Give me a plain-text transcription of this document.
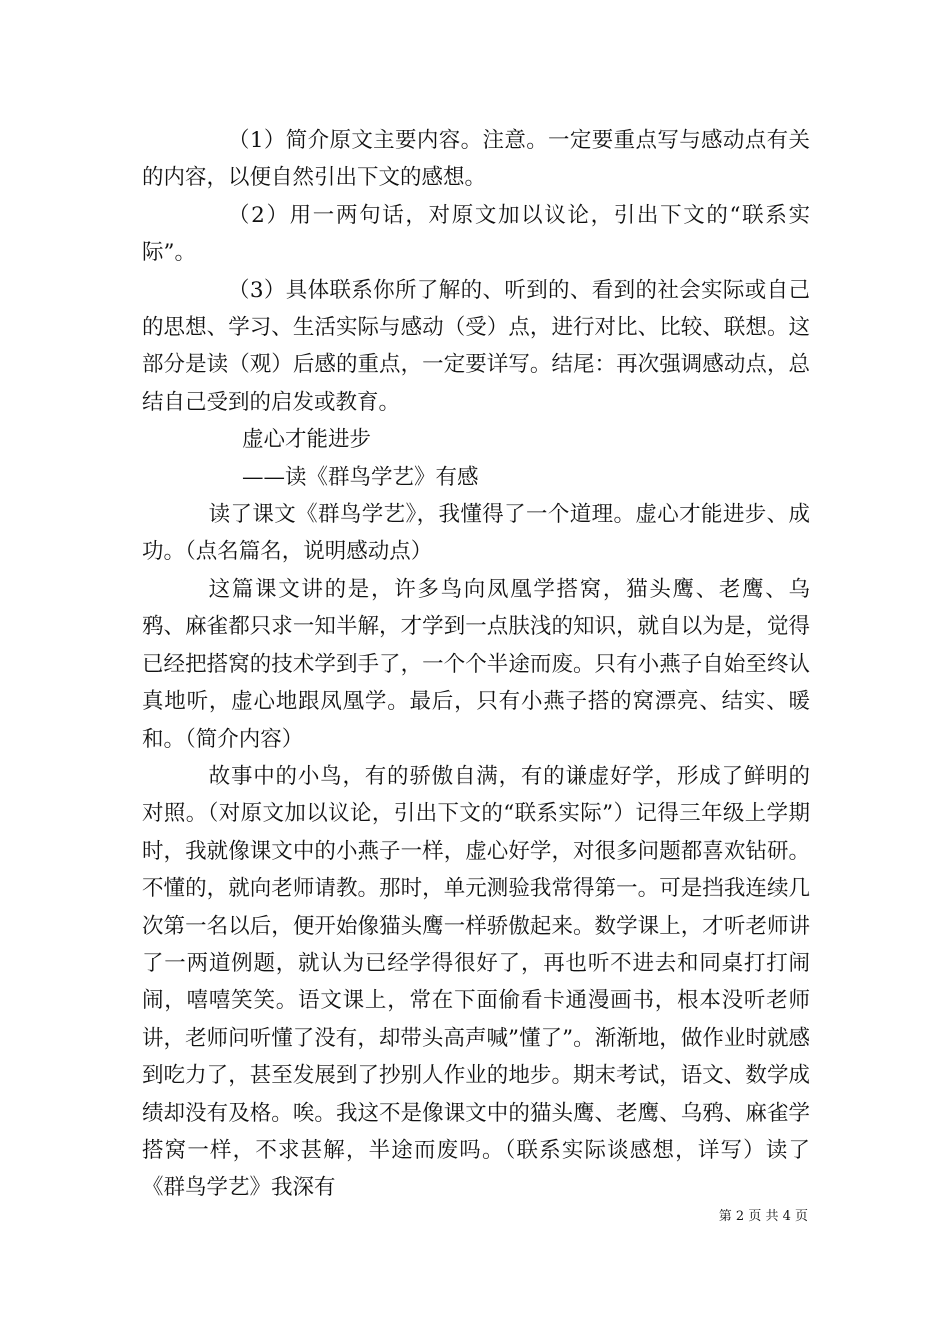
（1）简介原文主要内容。注意。一定要重点写与感动点有关的内容，以便自然引出下文的感想。

（2）用一两句话，对原文加以议论，引出下文的“联系实际”。

（3）具体联系你所了解的、听到的、看到的社会实际或自己的思想、学习、生活实际与感动（受）点，进行对比、比较、联想。这部分是读（观）后感的重点，一定要详写。结尾：再次强调感动点，总结自己受到的启发或教育。

虚心才能进步

——读《群鸟学艺》有感

读了课文《群鸟学艺》，我懂得了一个道理。虚心才能进步、成功。（点名篇名，说明感动点）

这篇课文讲的是，许多鸟向凤凰学搭窝，猫头鹰、老鹰、乌鸦、麻雀都只求一知半解，才学到一点肤浅的知识，就自以为是，觉得已经把搭窝的技术学到手了，一个个半途而废。只有小燕子自始至终认真地听，虚心地跟凤凰学。最后，只有小燕子搭的窝漂亮、结实、暖和。（简介内容）

故事中的小鸟，有的骄傲自满，有的谦虚好学，形成了鲜明的对照。（对原文加以议论，引出下文的“联系实际”）记得三年级上学期时，我就像课文中的小燕子一样，虚心好学，对很多问题都喜欢钻研。不懂的，就向老师请教。那时，单元测验我常得第一。可是挡我连续几次第一名以后，便开始像猫头鹰一样骄傲起来。数学课上，才听老师讲了一两道例题，就认为已经学得很好了，再也听不进去和同桌打打闹闹，嘻嘻笑笑。语文课上，常在下面偷看卡通漫画书，根本没听老师讲，老师问听懂了没有，却带头高声喊”懂了”。渐渐地，做作业时就感到吃力了，甚至发展到了抄别人作业的地步。期末考试，语文、数学成绩却没有及格。唉。我这不是像课文中的猫头鹰、老鹰、乌鸦、麻雀学搭窝一样，不求甚解，半途而废吗。（联系实际谈感想，详写）读了《群鸟学艺》我深有

第 2 页 共 4 页
